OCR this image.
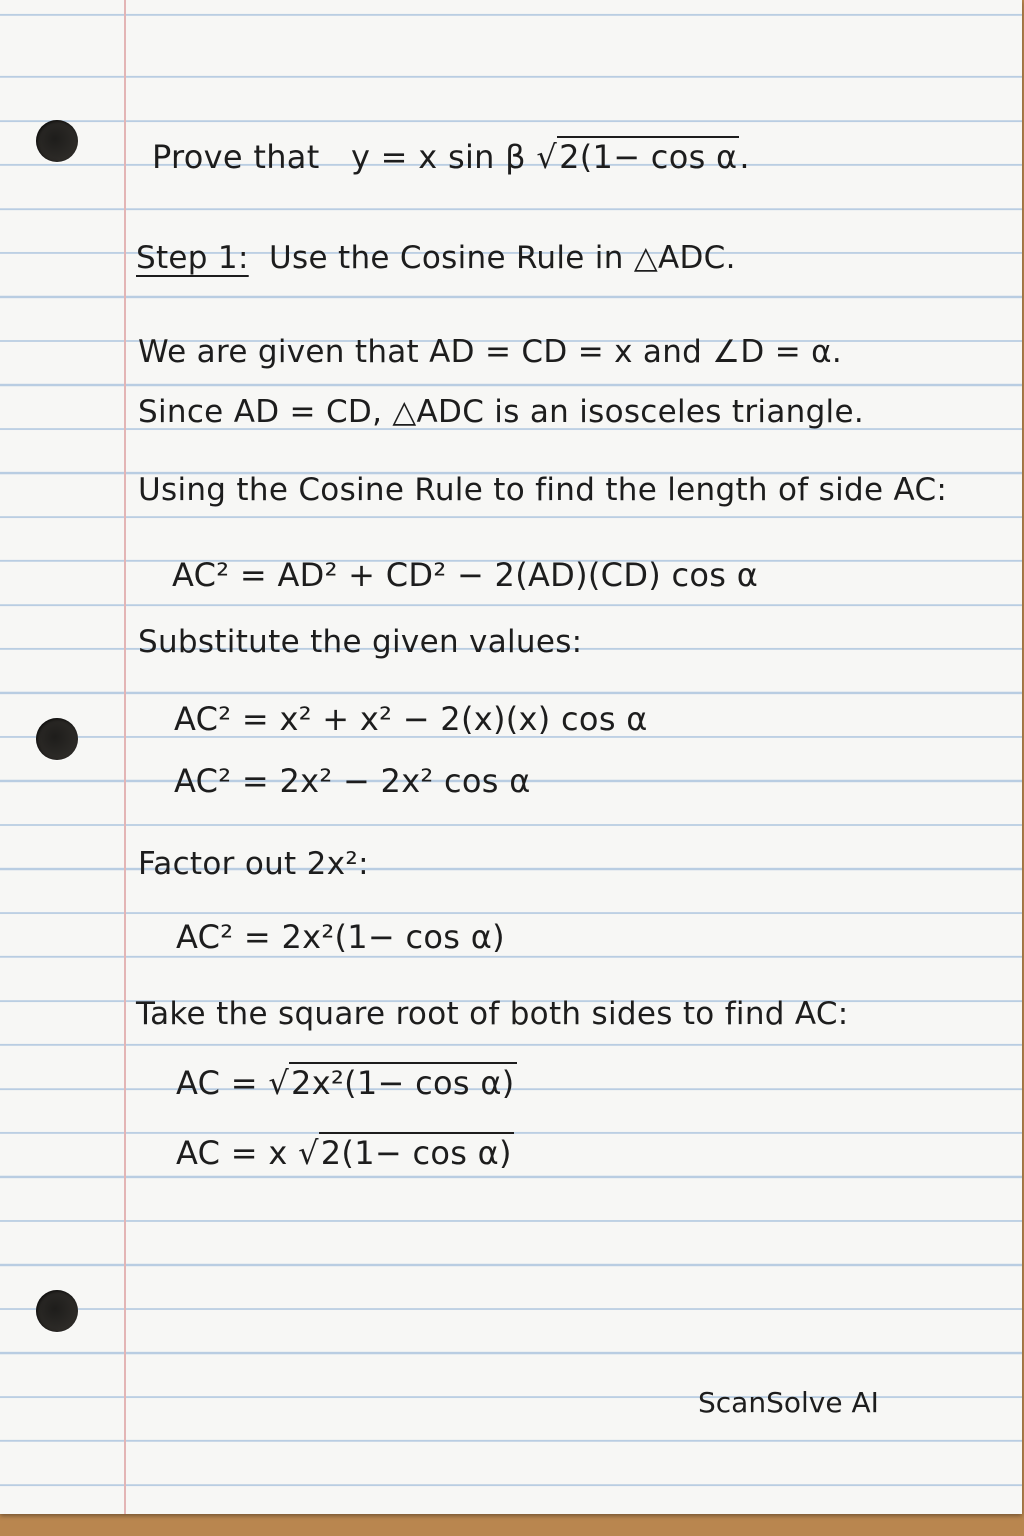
Prove that y = x sin β √2(1− cos α.

Step 1: Use the Cosine Rule in △ADC.

We are given that AD = CD = x and ∠D = α.

Since AD = CD, △ADC is an isosceles triangle.

Using the Cosine Rule to find the length of side AC:

AC² = AD² + CD² − 2(AD)(CD) cos α

Substitute the given values:

AC² = x² + x² − 2(x)(x) cos α

AC² = 2x² − 2x² cos α

Factor out 2x²:

AC² = 2x²(1− cos α)

Take the square root of both sides to find AC:

AC = √2x²(1− cos α)

AC = x √2(1− cos α)

ScanSolve AI
